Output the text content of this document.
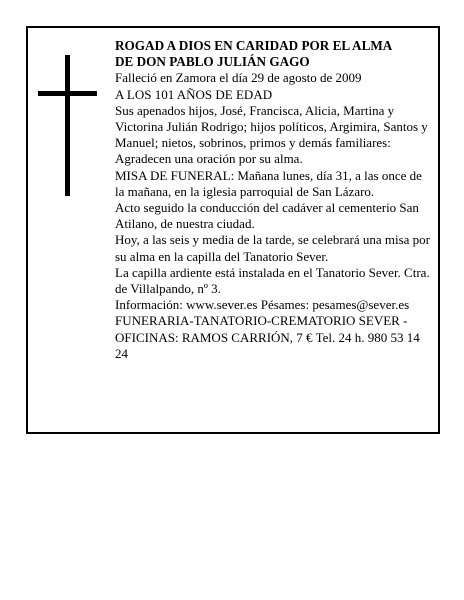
ROGAD A DIOS EN CARIDAD POR EL ALMA

DE DON PABLO JULIÁN GAGO

Falleció en Zamora el día 29 de agosto de 2009

A LOS 101 AÑOS DE EDAD

Sus apenados hijos, José, Francisca, Alicia, Martina y Victorina Julián Rodrigo; hijos políticos, Argimira, Santos y Manuel; nietos, sobrinos, primos y demás familiares:

Agradecen una oración por su alma.

MISA DE FUNERAL: Mañana lunes, día 31, a las once de la mañana, en la iglesia parroquial de San Lázaro.

Acto seguido la conducción del cadáver al cementerio San Atilano, de nuestra ciudad.

Hoy, a las seis y media de la tarde, se celebrará una misa por su alma en la capilla del Tanatorio Sever.

La capilla ardiente está instalada en el Tanatorio Sever. Ctra. de Villalpando, nº 3.

Información: www.sever.es Pésames: pesames@sever.es

FUNERARIA-TANATORIO-CREMATORIO SEVER - OFICINAS: RAMOS CARRIÓN, 7 € Tel. 24 h. 980 53 14 24
